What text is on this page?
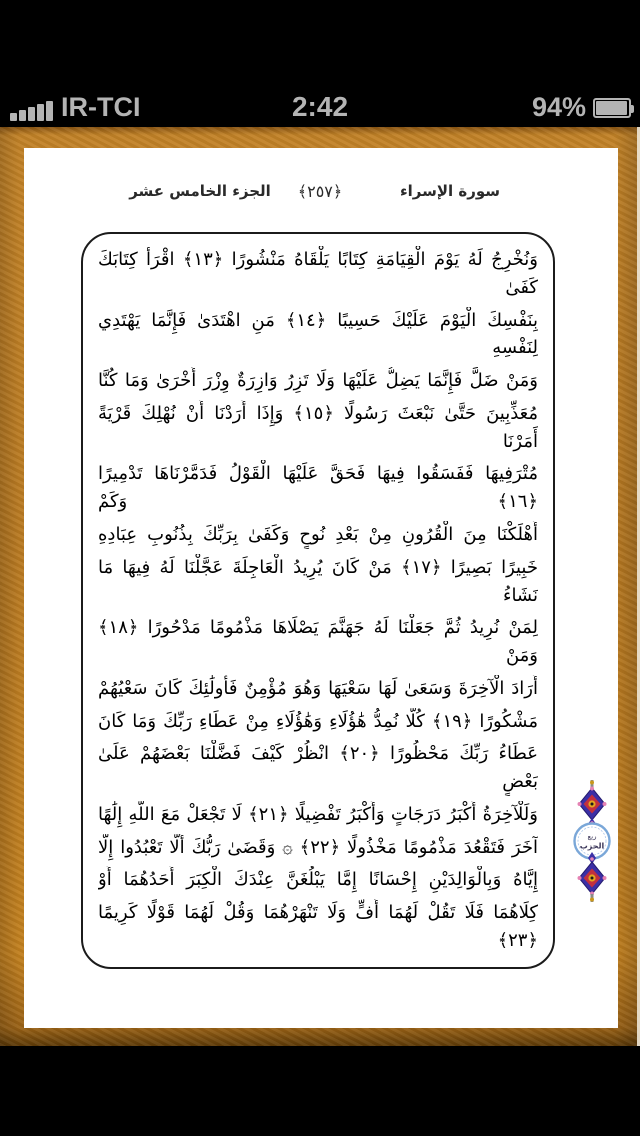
IR-TCI	2:42	94%
سورة الإسراء
﴿٢٥٧﴾
الجزء الخامس عشر
وَنُخْرِجُ لَهُ يَوْمَ الْقِيَامَةِ كِتَابًا يَلْقَاهُ مَنْشُورًا ﴿١٣﴾ اقْرَأْ كِتَابَكَ كَفَىٰ
بِنَفْسِكَ الْيَوْمَ عَلَيْكَ حَسِيبًا ﴿١٤﴾ مَنِ اهْتَدَىٰ فَإِنَّمَا يَهْتَدِي لِنَفْسِهِ
وَمَنْ ضَلَّ فَإِنَّمَا يَضِلُّ عَلَيْهَا وَلَا تَزِرُ وَازِرَةٌ وِزْرَ أُخْرَىٰ وَمَا كُنَّا
مُعَذِّبِينَ حَتَّىٰ نَبْعَثَ رَسُولًا ﴿١٥﴾ وَإِذَا أَرَدْنَا أَنْ نُهْلِكَ قَرْيَةً أَمَرْنَا
مُتْرَفِيهَا فَفَسَقُوا فِيهَا فَحَقَّ عَلَيْهَا الْقَوْلُ فَدَمَّرْنَاهَا تَدْمِيرًا ﴿١٦﴾ وَكَمْ
أَهْلَكْنَا مِنَ الْقُرُونِ مِنْ بَعْدِ نُوحٍ وَكَفَىٰ بِرَبِّكَ بِذُنُوبِ عِبَادِهِ
خَبِيرًا بَصِيرًا ﴿١٧﴾ مَنْ كَانَ يُرِيدُ الْعَاجِلَةَ عَجَّلْنَا لَهُ فِيهَا مَا نَشَاءُ
لِمَنْ نُرِيدُ ثُمَّ جَعَلْنَا لَهُ جَهَنَّمَ يَصْلَاهَا مَذْمُومًا مَدْحُورًا ﴿١٨﴾ وَمَنْ
أَرَادَ الْآخِرَةَ وَسَعَىٰ لَهَا سَعْيَهَا وَهُوَ مُؤْمِنٌ فَأُولَٰئِكَ كَانَ سَعْيُهُمْ
مَشْكُورًا ﴿١٩﴾ كُلًّا نُمِدُّ هَٰؤُلَاءِ وَهَٰؤُلَاءِ مِنْ عَطَاءِ رَبِّكَ وَمَا كَانَ
عَطَاءُ رَبِّكَ مَحْظُورًا ﴿٢٠﴾ انْظُرْ كَيْفَ فَضَّلْنَا بَعْضَهُمْ عَلَىٰ بَعْضٍ
وَلَلْآخِرَةُ أَكْبَرُ دَرَجَاتٍ وَأَكْبَرُ تَفْضِيلًا ﴿٢١﴾ لَا تَجْعَلْ مَعَ اللَّهِ إِلَٰهًا
آخَرَ فَتَقْعُدَ مَذْمُومًا مَخْذُولًا ﴿٢٢﴾ ۞ وَقَضَىٰ رَبُّكَ أَلَّا تَعْبُدُوا إِلَّا
إِيَّاهُ وَبِالْوَالِدَيْنِ إِحْسَانًا إِمَّا يَبْلُغَنَّ عِنْدَكَ الْكِبَرَ أَحَدُهُمَا أَوْ
كِلَاهُمَا فَلَا تَقُلْ لَهُمَا أُفٍّ وَلَا تَنْهَرْهُمَا وَقُلْ لَهُمَا قَوْلًا كَرِيمًا ﴿٢٣﴾
ربع
الحزب
